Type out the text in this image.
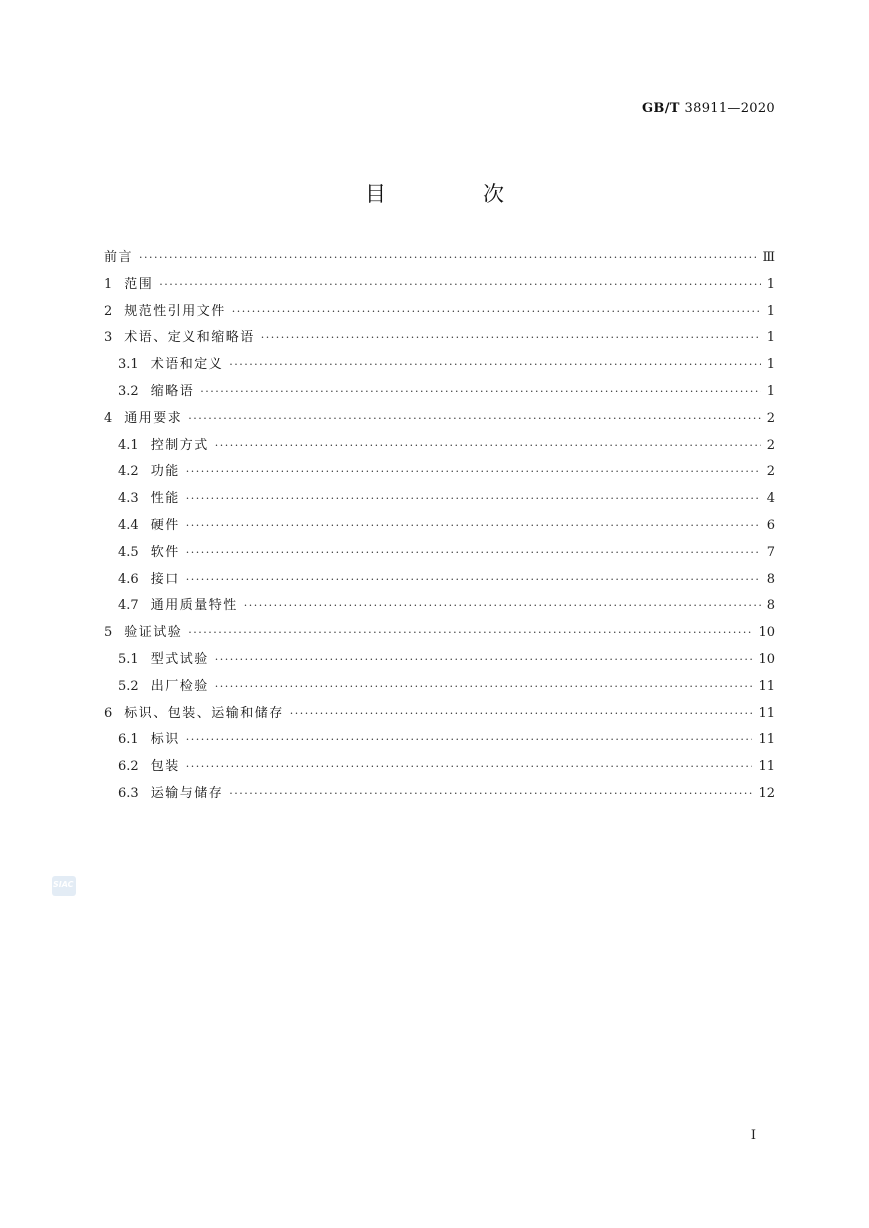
GB/T 38911—2020
目　次
前言 ·····	Ⅲ
1 范围 ·····	1
2 规范性引用文件 ·····	1
3 术语、定义和缩略语 ·····	1
3.1 术语和定义 ·····	1
3.2 缩略语 ·····	1
4 通用要求 ·····	2
4.1 控制方式 ·····	2
4.2 功能 ·····	2
4.3 性能 ·····	4
4.4 硬件 ·····	6
4.5 软件 ·····	7
4.6 接口 ·····	8
4.7 通用质量特性 ·····	8
5 验证试验 ·····	10
5.1 型式试验 ·····	10
5.2 出厂检验 ·····	11
6 标识、包装、运输和储存 ·····	11
6.1 标识 ·····	11
6.2 包装 ·····	11
6.3 运输与储存 ·····	12
SIAC
I
